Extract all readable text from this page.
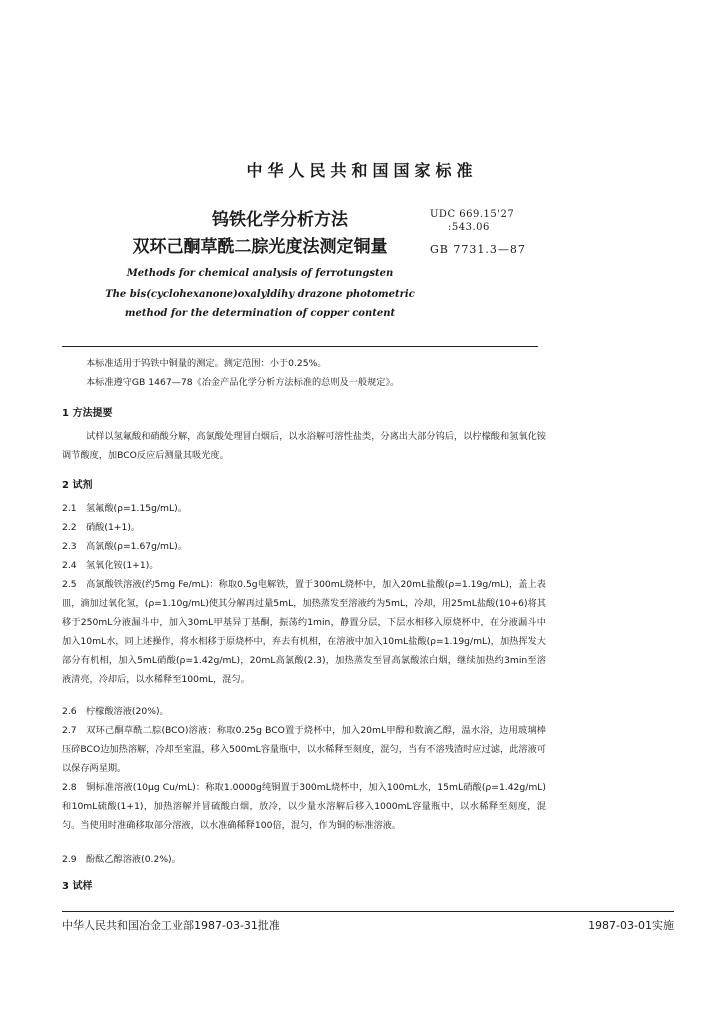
中华人民共和国国家标准
钨铁化学分析方法
双环己酮草酰二腙光度法测定铜量
UDC 669.15'27
:543.06
GB 7731.3—87
Methods for chemical analysis of ferrotungsten
The bis(cyclohexanone)oxalyldihy drazone photometric
method for the determination of copper content
本标准适用于钨铁中铜量的测定。测定范围：小于0.25%。
本标准遵守GB 1467—78《冶金产品化学分析方法标准的总则及一般规定》。
1 方法提要
试样以氢氟酸和硝酸分解，高氯酸处理冒白烟后，以水浴解可溶性盐类，分离出大部分钨后，以柠檬酸和氢氧化铵调节酸度，加BCO反应后测量其吸光度。
2 试剂
2.1 氢氟酸(ρ=1.15g/mL)。
2.2 硝酸(1+1)。
2.3 高氯酸(ρ=1.67g/mL)。
2.4 氢氧化铵(1+1)。
2.5 高氯酸铁溶液(约5mg Fe/mL)：称取0.5g电解铁，置于300mL烧杯中，加入20mL盐酸(ρ=1.19g/mL)，盖上表皿，滴加过氧化氢，(ρ=1.10g/mL)使其分解再过量5mL，加热蒸发至溶液约为5mL，冷却，用25mL盐酸(10+6)将其移于250mL分液漏斗中，加入30mL甲基异丁基酮，振荡约1min，静置分层，下层水相移入原烧杯中，在分液漏斗中加入10mL水，同上述操作，将水相移于原烧杯中，弃去有机相，在溶液中加入10mL盐酸(ρ=1.19g/mL)，加热挥发大部分有机相，加入5mL硝酸(ρ=1.42g/mL)，20mL高氯酸(2.3)，加热蒸发至冒高氯酸浓白烟，继续加热约3min至溶液清亮，冷却后，以水稀释至100mL，混匀。
2.6 柠檬酸溶液(20%)。
2.7 双环己酮草酰二腙(BCO)溶液：称取0.25g BCO置于烧杯中，加入20mL甲醇和数滴乙醇，温水浴，边用玻璃棒压碎BCO边加热溶解，冷却至室温，移入500mL容量瓶中，以水稀释至刻度，混匀，当有不溶残渣时应过滤，此溶液可以保存两星期。
2.8 铜标准溶液(10μg Cu/mL)：称取1.0000g纯铜置于300mL烧杯中，加入100mL水，15mL硝酸(ρ=1.42g/mL)和10mL硫酸(1+1)，加热溶解并冒硫酸白烟，放冷，以少量水溶解后移入1000mL容量瓶中，以水稀释至刻度，混匀。当使用时准确移取部分溶液，以水准确稀释100倍，混匀，作为铜的标准溶液。
2.9 酚酞乙醇溶液(0.2%)。
3 试样
中华人民共和国冶金工业部1987-03-31批准	1987-03-01实施
